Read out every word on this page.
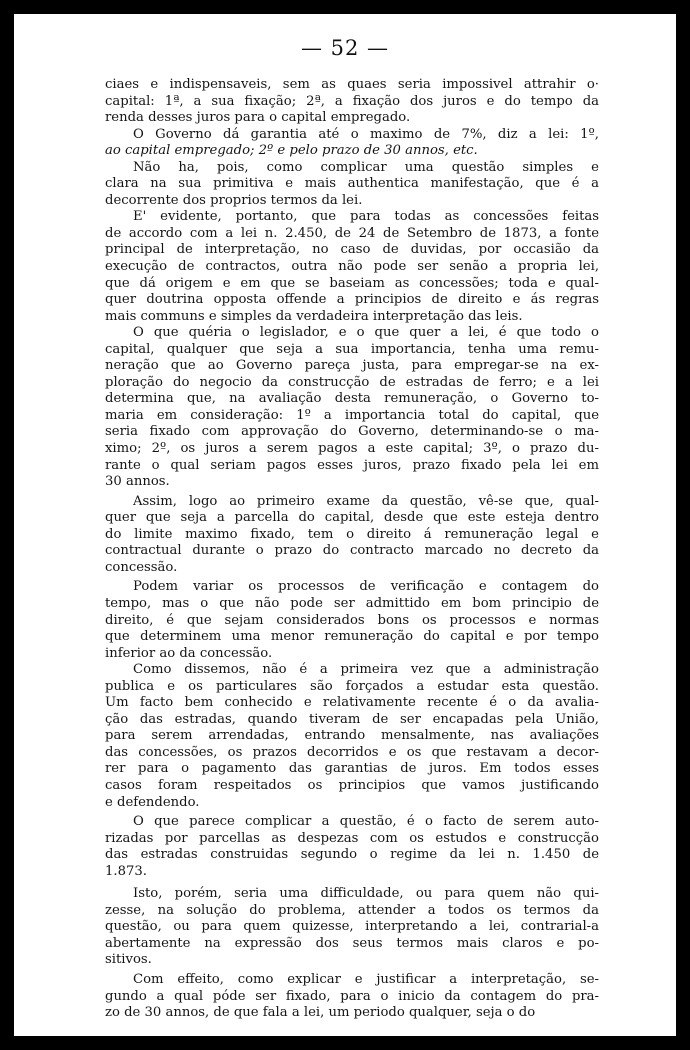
— 52 —
ciaes e indispensaveis, sem as quaes seria impossivel attrahir o·
capital: 1ª, a sua fixação; 2ª, a fixação dos juros e do tempo da
renda desses juros para o capital empregado.
O Governo dá garantia até o maximo de 7%, diz a lei: 1º,
ao capital empregado; 2º e pelo prazo de 30 annos, etc.
Não ha, pois, como complicar uma questão simples e
clara na sua primitiva e mais authentica manifestação, que é a
decorrente dos proprios termos da lei.
E' evidente, portanto, que para todas as concessões feitas
de accordo com a lei n. 2.450, de 24 de Setembro de 1873, a fonte
principal de interpretação, no caso de duvidas, por occasião da
execução de contractos, outra não pode ser senão a propria lei,
que dá origem e em que se baseiam as concessões; toda e qual-
quer doutrina opposta offende a principios de direito e ás regras
mais communs e simples da verdadeira interpretação das leis.
O que quéria o legislador, e o que quer a lei, é que todo o
capital, qualquer que seja a sua importancia, tenha uma remu-
neração que ao Governo pareça justa, para empregar-se na ex-
ploração do negocio da construcção de estradas de ferro; e a lei
determina que, na avaliação desta remuneração, o Governo to-
maria em consideração: 1º a importancia total do capital, que
seria fixado com approvação do Governo, determinando-se o ma-
ximo; 2º, os juros a serem pagos a este capital; 3º, o prazo du-
rante o qual seriam pagos esses juros, prazo fixado pela lei em
30 annos.
Assim, logo ao primeiro exame da questão, vê-se que, qual-
quer que seja a parcella do capital, desde que este esteja dentro
do limite maximo fixado, tem o direito á remuneração legal e
contractual durante o prazo do contracto marcado no decreto da
concessão.
Podem variar os processos de verificação e contagem do
tempo, mas o que não pode ser admittido em bom principio de
direito, é que sejam considerados bons os processos e normas
que determinem uma menor remuneração do capital e por tempo
inferior ao da concessão.
Como dissemos, não é a primeira vez que a administração
publica e os particulares são forçados a estudar esta questão.
Um facto bem conhecido e relativamente recente é o da avalia-
ção das estradas, quando tiveram de ser encapadas pela União,
para serem arrendadas, entrando mensalmente, nas avaliações
das concessões, os prazos decorridos e os que restavam a decor-
rer para o pagamento das garantias de juros. Em todos esses
casos foram respeitados os principios que vamos justificando
e defendendo.
O que parece complicar a questão, é o facto de serem auto-
rizadas por parcellas as despezas com os estudos e construcção
das estradas construidas segundo o regime da lei n. 1.450 de
1.873.
Isto, porém, seria uma difficuldade, ou para quem não qui-
zesse, na solução do problema, attender a todos os termos da
questão, ou para quem quizesse, interpretando a lei, contrarial-a
abertamente na expressão dos seus termos mais claros e po-
sitivos.
Com effeito, como explicar e justificar a interpretação, se-
gundo a qual póde ser fixado, para o inicio da contagem do pra-
zo de 30 annos, de que fala a lei, um periodo qualquer, seja o do
